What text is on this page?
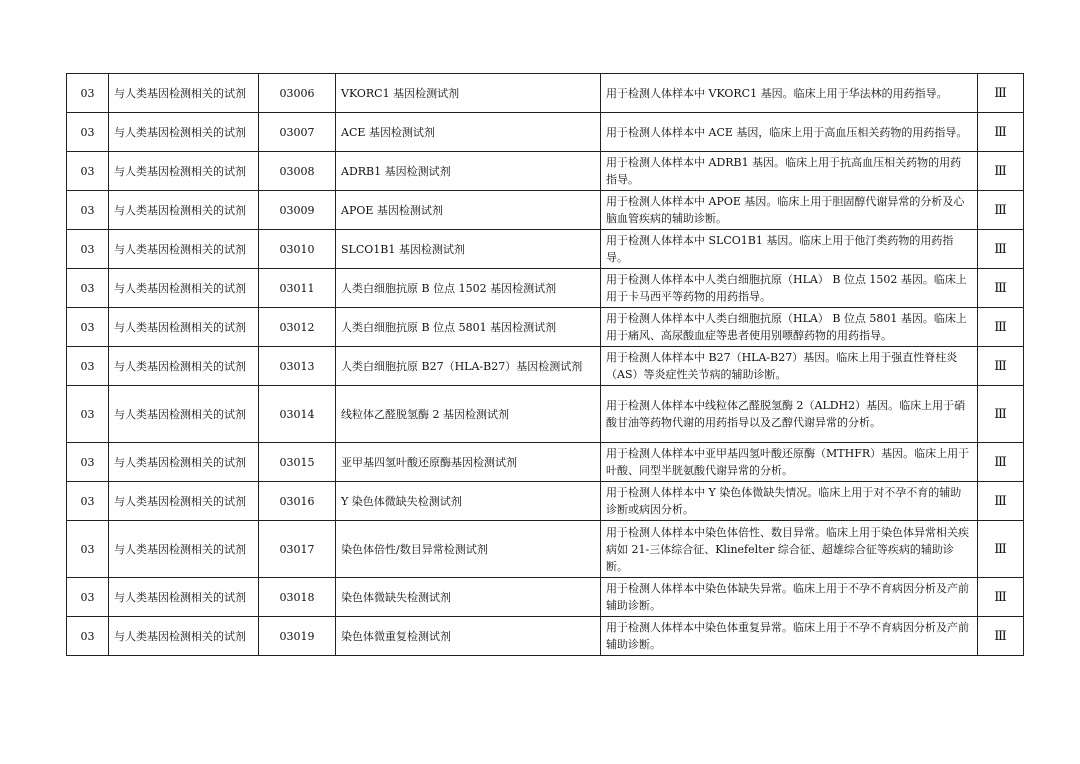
03	与人类基因检测相关的试剂	03006	VKORC1 基因检测试剂	用于检测人体样本中 VKORC1 基因。临床上用于华法林的用药指导。	Ⅲ
03	与人类基因检测相关的试剂	03007	ACE 基因检测试剂	用于检测人体样本中 ACE 基因，临床上用于高血压相关药物的用药指导。	Ⅲ
03	与人类基因检测相关的试剂	03008	ADRB1 基因检测试剂	用于检测人体样本中 ADRB1 基因。临床上用于抗高血压相关药物的用药指导。	Ⅲ
03	与人类基因检测相关的试剂	03009	APOE 基因检测试剂	用于检测人体样本中 APOE 基因。临床上用于胆固醇代谢异常的分析及心脑血管疾病的辅助诊断。	Ⅲ
03	与人类基因检测相关的试剂	03010	SLCO1B1 基因检测试剂	用于检测人体样本中 SLCO1B1 基因。临床上用于他汀类药物的用药指导。	Ⅲ
03	与人类基因检测相关的试剂	03011	人类白细胞抗原 B 位点 1502 基因检测试剂	用于检测人体样本中人类白细胞抗原（HLA） B 位点 1502 基因。临床上用于卡马西平等药物的用药指导。	Ⅲ
03	与人类基因检测相关的试剂	03012	人类白细胞抗原 B 位点 5801 基因检测试剂	用于检测人体样本中人类白细胞抗原（HLA） B 位点 5801 基因。临床上用于痛风、高尿酸血症等患者使用别嘌醇药物的用药指导。	Ⅲ
03	与人类基因检测相关的试剂	03013	人类白细胞抗原 B27（HLA-B27）基因检测试剂	用于检测人体样本中 B27（HLA-B27）基因。临床上用于强直性脊柱炎（AS）等炎症性关节病的辅助诊断。	Ⅲ
03	与人类基因检测相关的试剂	03014	线粒体乙醛脱氢酶 2 基因检测试剂	用于检测人体样本中线粒体乙醛脱氢酶 2（ALDH2）基因。临床上用于硝酸甘油等药物代谢的用药指导以及乙醇代谢异常的分析。	Ⅲ
03	与人类基因检测相关的试剂	03015	亚甲基四氢叶酸还原酶基因检测试剂	用于检测人体样本中亚甲基四氢叶酸还原酶（MTHFR）基因。临床上用于叶酸、同型半胱氨酸代谢异常的分析。	Ⅲ
03	与人类基因检测相关的试剂	03016	Y 染色体微缺失检测试剂	用于检测人体样本中 Y 染色体微缺失情况。临床上用于对不孕不育的辅助诊断或病因分析。	Ⅲ
03	与人类基因检测相关的试剂	03017	染色体倍性/数目异常检测试剂	用于检测人体样本中染色体倍性、数目异常。临床上用于染色体异常相关疾病如 21-三体综合征、Klinefelter 综合征、超雄综合征等疾病的辅助诊断。	Ⅲ
03	与人类基因检测相关的试剂	03018	染色体微缺失检测试剂	用于检测人体样本中染色体缺失异常。临床上用于不孕不育病因分析及产前辅助诊断。	Ⅲ
03	与人类基因检测相关的试剂	03019	染色体微重复检测试剂	用于检测人体样本中染色体重复异常。临床上用于不孕不育病因分析及产前辅助诊断。	Ⅲ
